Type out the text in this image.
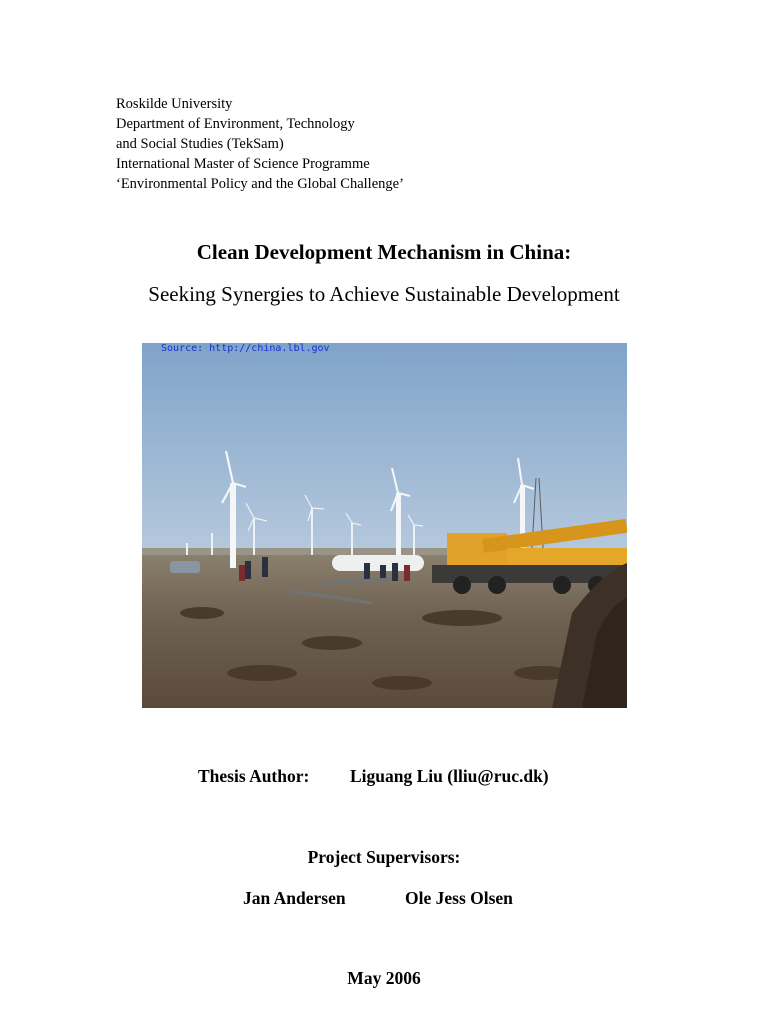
Roskilde University
Department of Environment, Technology
and Social Studies (TekSam)
International Master of Science Programme
‘Environmental Policy and the Global Challenge’
Clean Development Mechanism in China:
Seeking Synergies to Achieve Sustainable Development
Source: http://china.lbl.gov
Thesis Author: Liguang Liu (lliu@ruc.dk)
Project Supervisors:
Jan Andersen	Ole Jess Olsen
May 2006
